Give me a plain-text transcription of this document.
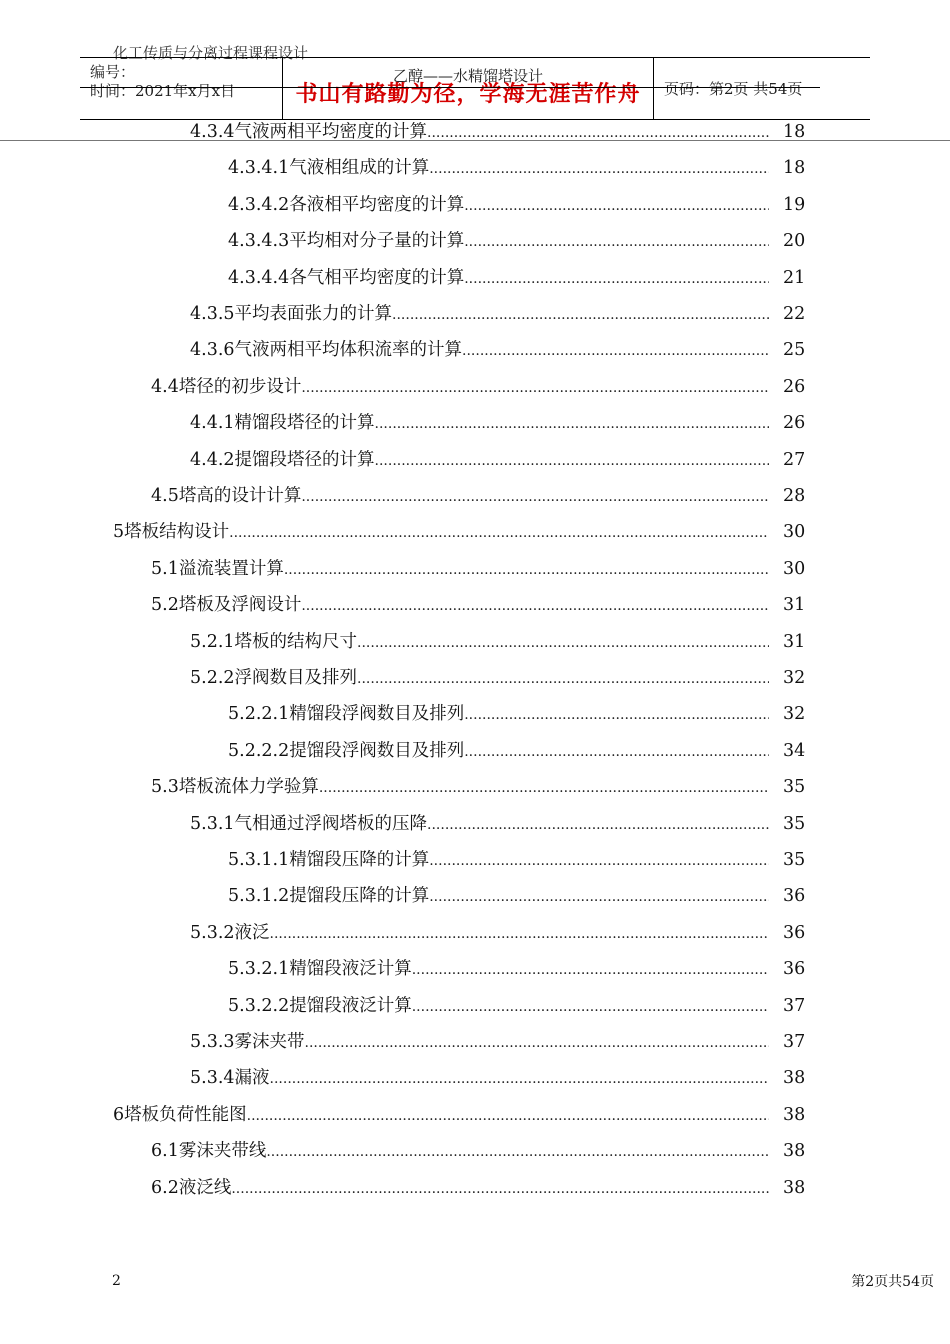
化工传质与分离过程课程设计
编号：
时间：2021年x月x日
乙醇——水精馏塔设计
书山有路勤为径，学海无涯苦作舟	页码：第2页 共54页
4.3.4气液两相平均密度的计算 .....	18
4.3.4.1气液相组成的计算 .....	18
4.3.4.2各液相平均密度的计算 .....	19
4.3.4.3平均相对分子量的计算 .....	20
4.3.4.4各气相平均密度的计算 .....	21
4.3.5平均表面张力的计算 .....	22
4.3.6气液两相平均体积流率的计算 .....	25
4.4塔径的初步设计 .....	26
4.4.1精馏段塔径的计算 .....	26
4.4.2提馏段塔径的计算 .....	27
4.5塔高的设计计算 .....	28
5塔板结构设计 .....	30
5.1溢流装置计算 .....	30
5.2塔板及浮阀设计 .....	31
5.2.1塔板的结构尺寸 .....	31
5.2.2浮阀数目及排列 .....	32
5.2.2.1精馏段浮阀数目及排列 .....	32
5.2.2.2提馏段浮阀数目及排列 .....	34
5.3塔板流体力学验算 .....	35
5.3.1气相通过浮阀塔板的压降 .....	35
5.3.1.1精馏段压降的计算 .....	35
5.3.1.2提馏段压降的计算 .....	36
5.3.2液泛 .....	36
5.3.2.1精馏段液泛计算 .....	36
5.3.2.2提馏段液泛计算 .....	37
5.3.3雾沫夹带 .....	37
5.3.4漏液 .....	38
6塔板负荷性能图 .....	38
6.1雾沫夹带线 .....	38
6.2液泛线 .....	38
2	第2页共54页
